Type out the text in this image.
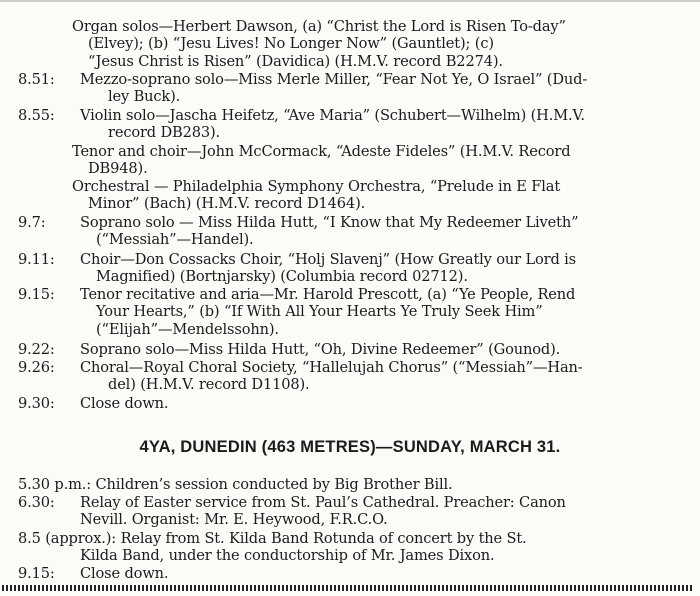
Organ solos—Herbert Dawson, (a) “Christ the Lord is Risen To-day”
(Elvey); (b) “Jesu Lives! No Longer Now” (Gauntlet); (c)
“Jesus Christ is Risen” (Davidica) (H.M.V. record B2274).
8.51: Mezzo-soprano solo—Miss Merle Miller, “Fear Not Ye, O Israel” (Dud-
ley Buck).
8.55: Violin solo—Jascha Heifetz, “Ave Maria” (Schubert—Wilhelm) (H.M.V.
record DB283).
Tenor and choir—John McCormack, “Adeste Fideles” (H.M.V. Record
DB948).
Orchestral — Philadelphia Symphony Orchestra, “Prelude in E Flat
Minor” (Bach) (H.M.V. record D1464).
9.7: Soprano solo — Miss Hilda Hutt, “I Know that My Redeemer Liveth”
(“Messiah”—Handel).
9.11: Choir—Don Cossacks Choir, “Holj Slavenj” (How Greatly our Lord is
Magnified) (Bortnjarsky) (Columbia record 02712).
9.15: Tenor recitative and aria—Mr. Harold Prescott, (a) “Ye People, Rend
Your Hearts,” (b) “If With All Your Hearts Ye Truly Seek Him”
(“Elijah”—Mendelssohn).
9.22: Soprano solo—Miss Hilda Hutt, “Oh, Divine Redeemer” (Gounod).
9.26: Choral—Royal Choral Society, “Hallelujah Chorus” (“Messiah”—Han-
del) (H.M.V. record D1108).
9.30: Close down.
4YA, DUNEDIN (463 METRES)—SUNDAY, MARCH 31.
5.30 p.m.: Children’s session conducted by Big Brother Bill.
6.30: Relay of Easter service from St. Paul’s Cathedral. Preacher: Canon
Nevill. Organist: Mr. E. Heywood, F.R.C.O.
8.5 (approx.): Relay from St. Kilda Band Rotunda of concert by the St.
Kilda Band, under the conductorship of Mr. James Dixon.
9.15: Close down.
